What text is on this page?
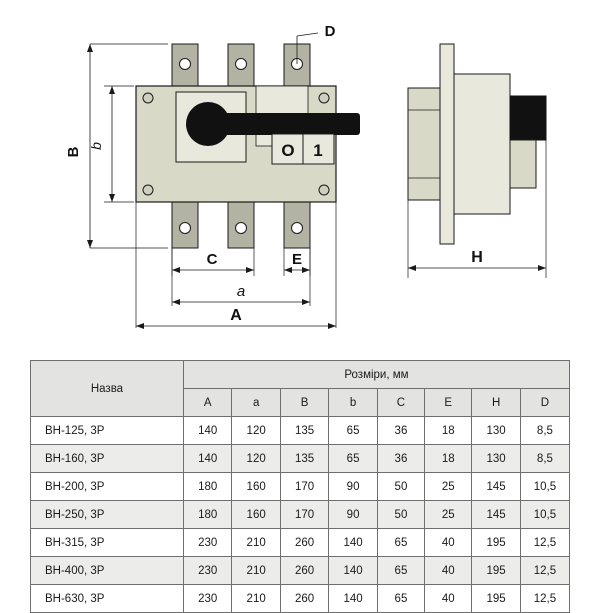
O 1
B
b
C	E
a
A
D
H
Назва	Розміри, мм							
	A	a	B	b	C	E	H	D
ВН-125, 3Р	140	120	135	65	36	18	130	8,5
ВН-160, 3Р	140	120	135	65	36	18	130	8,5
ВН-200, 3Р	180	160	170	90	50	25	145	10,5
ВН-250, 3Р	180	160	170	90	50	25	145	10,5
ВН-315, 3Р	230	210	260	140	65	40	195	12,5
ВН-400, 3Р	230	210	260	140	65	40	195	12,5
ВН-630, 3Р	230	210	260	140	65	40	195	12,5
